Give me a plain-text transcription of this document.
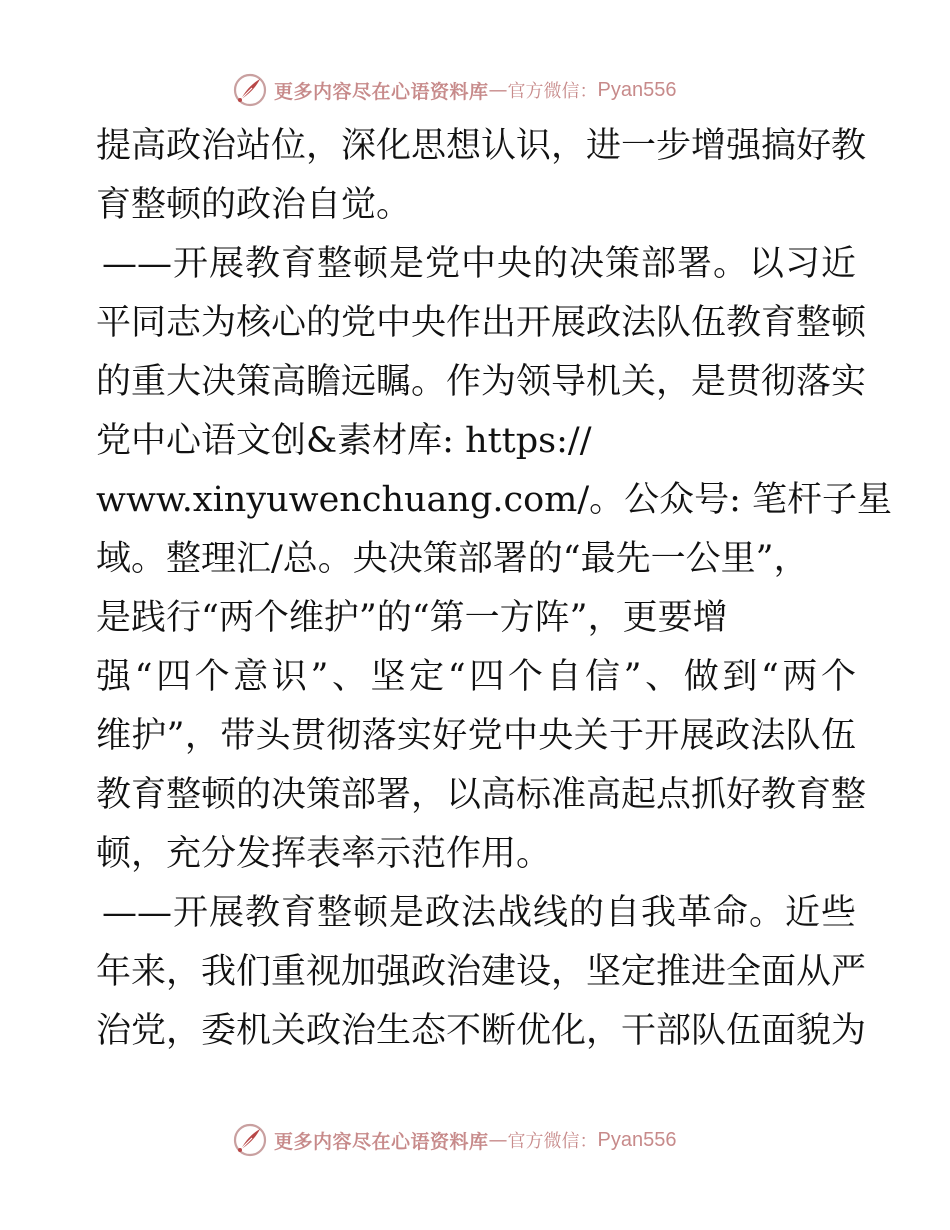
更多内容尽在心语资料库 — 官方微信： Pyan556
提高政治站位，深化思想认识，进一步增强搞好教
育整顿的政治自觉。
——开展教育整顿是党中央的决策部署。以习近
平同志为核心的党中央作出开展政法队伍教育整顿
的重大决策高瞻远瞩。作为领导机关，是贯彻落实
党中心语文创&素材库: https://
www.xinyuwenchuang.com/。公众号: 笔杆子星
域。整理汇/总。央决策部署的“最先一公里”，
是践行“两个维护”的“第一方阵”，更要增
强“四个意识”、坚定“四个自信”、做到“两个
维护”，带头贯彻落实好党中央关于开展政法队伍
教育整顿的决策部署，以高标准高起点抓好教育整
顿，充分发挥表率示范作用。
——开展教育整顿是政法战线的自我革命。近些
年来，我们重视加强政治建设，坚定推进全面从严
治党，委机关政治生态不断优化，干部队伍面貌为
更多内容尽在心语资料库 — 官方微信： Pyan556
